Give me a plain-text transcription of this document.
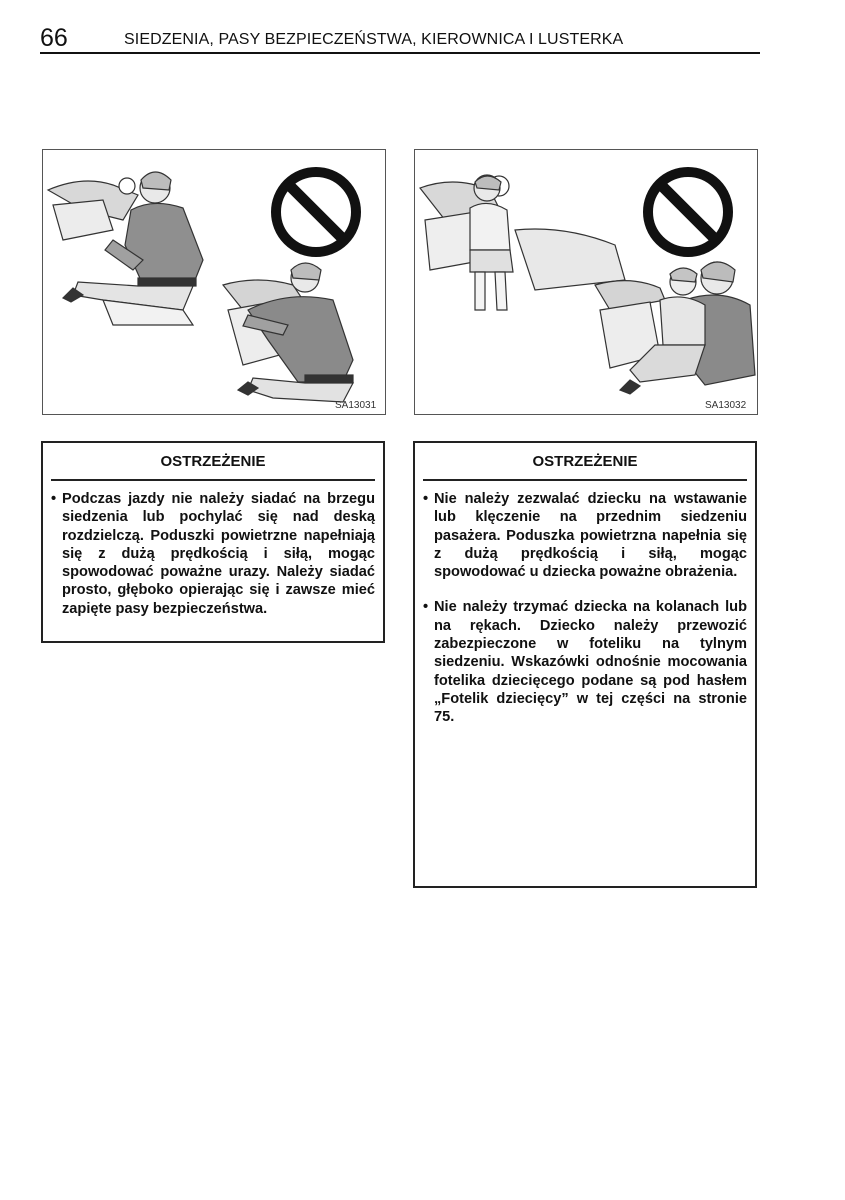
66	SIEDZENIA, PASY BEZPIECZEŃSTWA, KIEROWNICA I LUSTERKA
SA13031	SA13032
OSTRZEŻENIE
• Podczas jazdy nie należy siadać na brzegu siedzenia lub pochylać się nad deską rozdzielczą. Poduszki powietrzne napełniają się z dużą prędkością i siłą, mogąc spowodować poważne urazy. Należy siadać prosto, głęboko opierając się i zawsze mieć zapięte pasy bezpieczeństwa.
OSTRZEŻENIE
• Nie należy zezwalać dziecku na wstawanie lub klęczenie na przednim siedzeniu pasażera. Poduszka powietrzna napełnia się z dużą prędkością i siłą, mogąc spowodować u dziecka poważne obrażenia.
• Nie należy trzymać dziecka na kolanach lub na rękach. Dziecko należy przewozić zabezpieczone w foteliku na tylnym siedzeniu. Wskazówki odnośnie mocowania fotelika dziecięcego podane są pod hasłem „Fotelik dziecięcy” w tej części na stronie 75.
